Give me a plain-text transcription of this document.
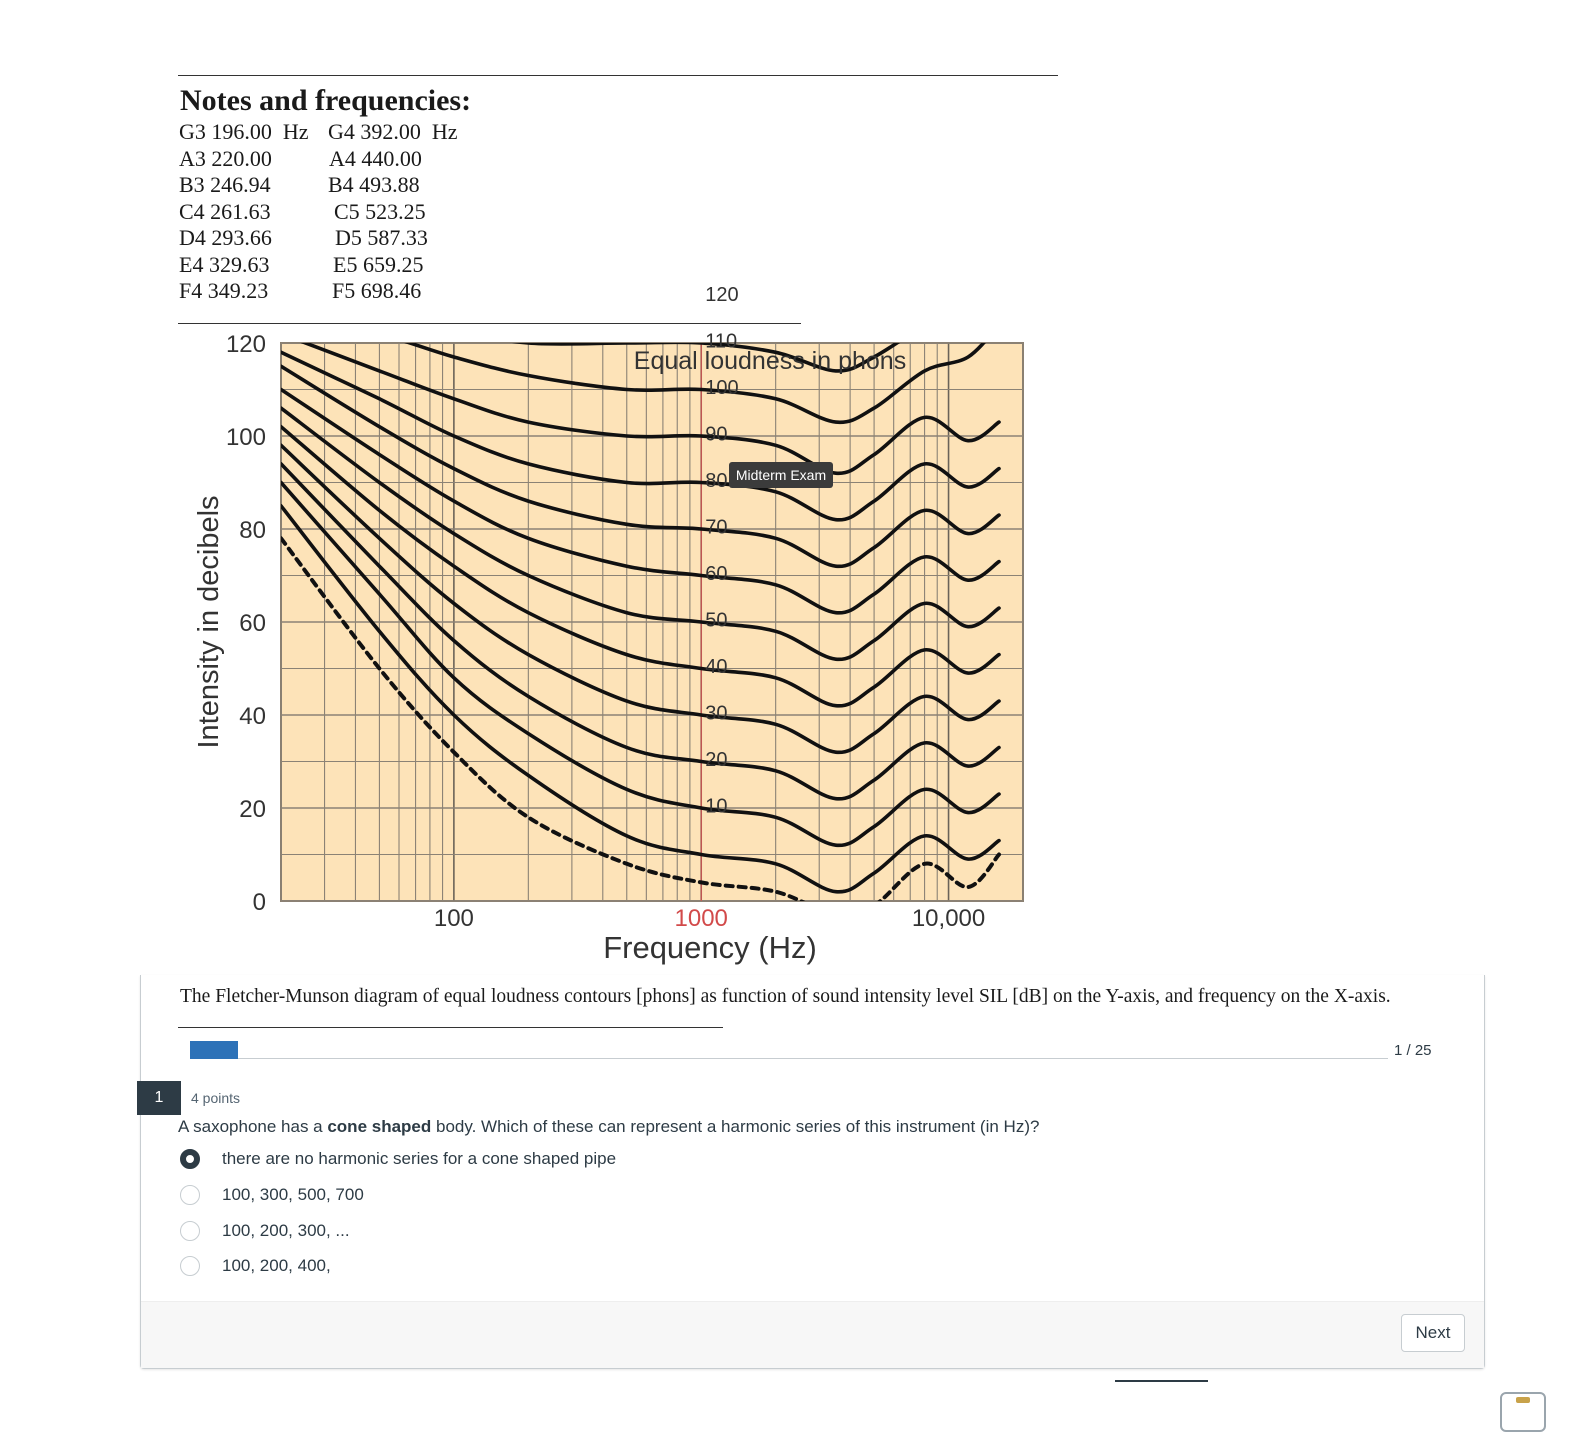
Notes and frequencies:
G3 196.00  Hz G4 392.00  Hz
A3 220.00	A4 440.00
B3 246.94	B4 493.88
C4 261.63	C5 523.25
D4 293.66	D5 587.33
E4 329.63	E5 659.25
F4 349.23	F5 698.46	120
110
100
90
80
70
60
50
40
30
20
10
Equal loudness in phons
120
100
80
60
40
20
0
100	1000	10,000
Intensity in decibels
Frequency (Hz)
Midterm Exam
The Fletcher-Munson diagram of equal loudness contours [phons] as function of sound intensity level SIL [dB] on the Y-axis, and frequency on the X-axis.
1 / 25
1	4 points
A saxophone has a cone shaped body. Which of these can represent a harmonic series of this instrument (in Hz)?
there are no harmonic series for a cone shaped pipe
100, 300, 500, 700
100, 200, 300, ...
100, 200, 400,
Next
